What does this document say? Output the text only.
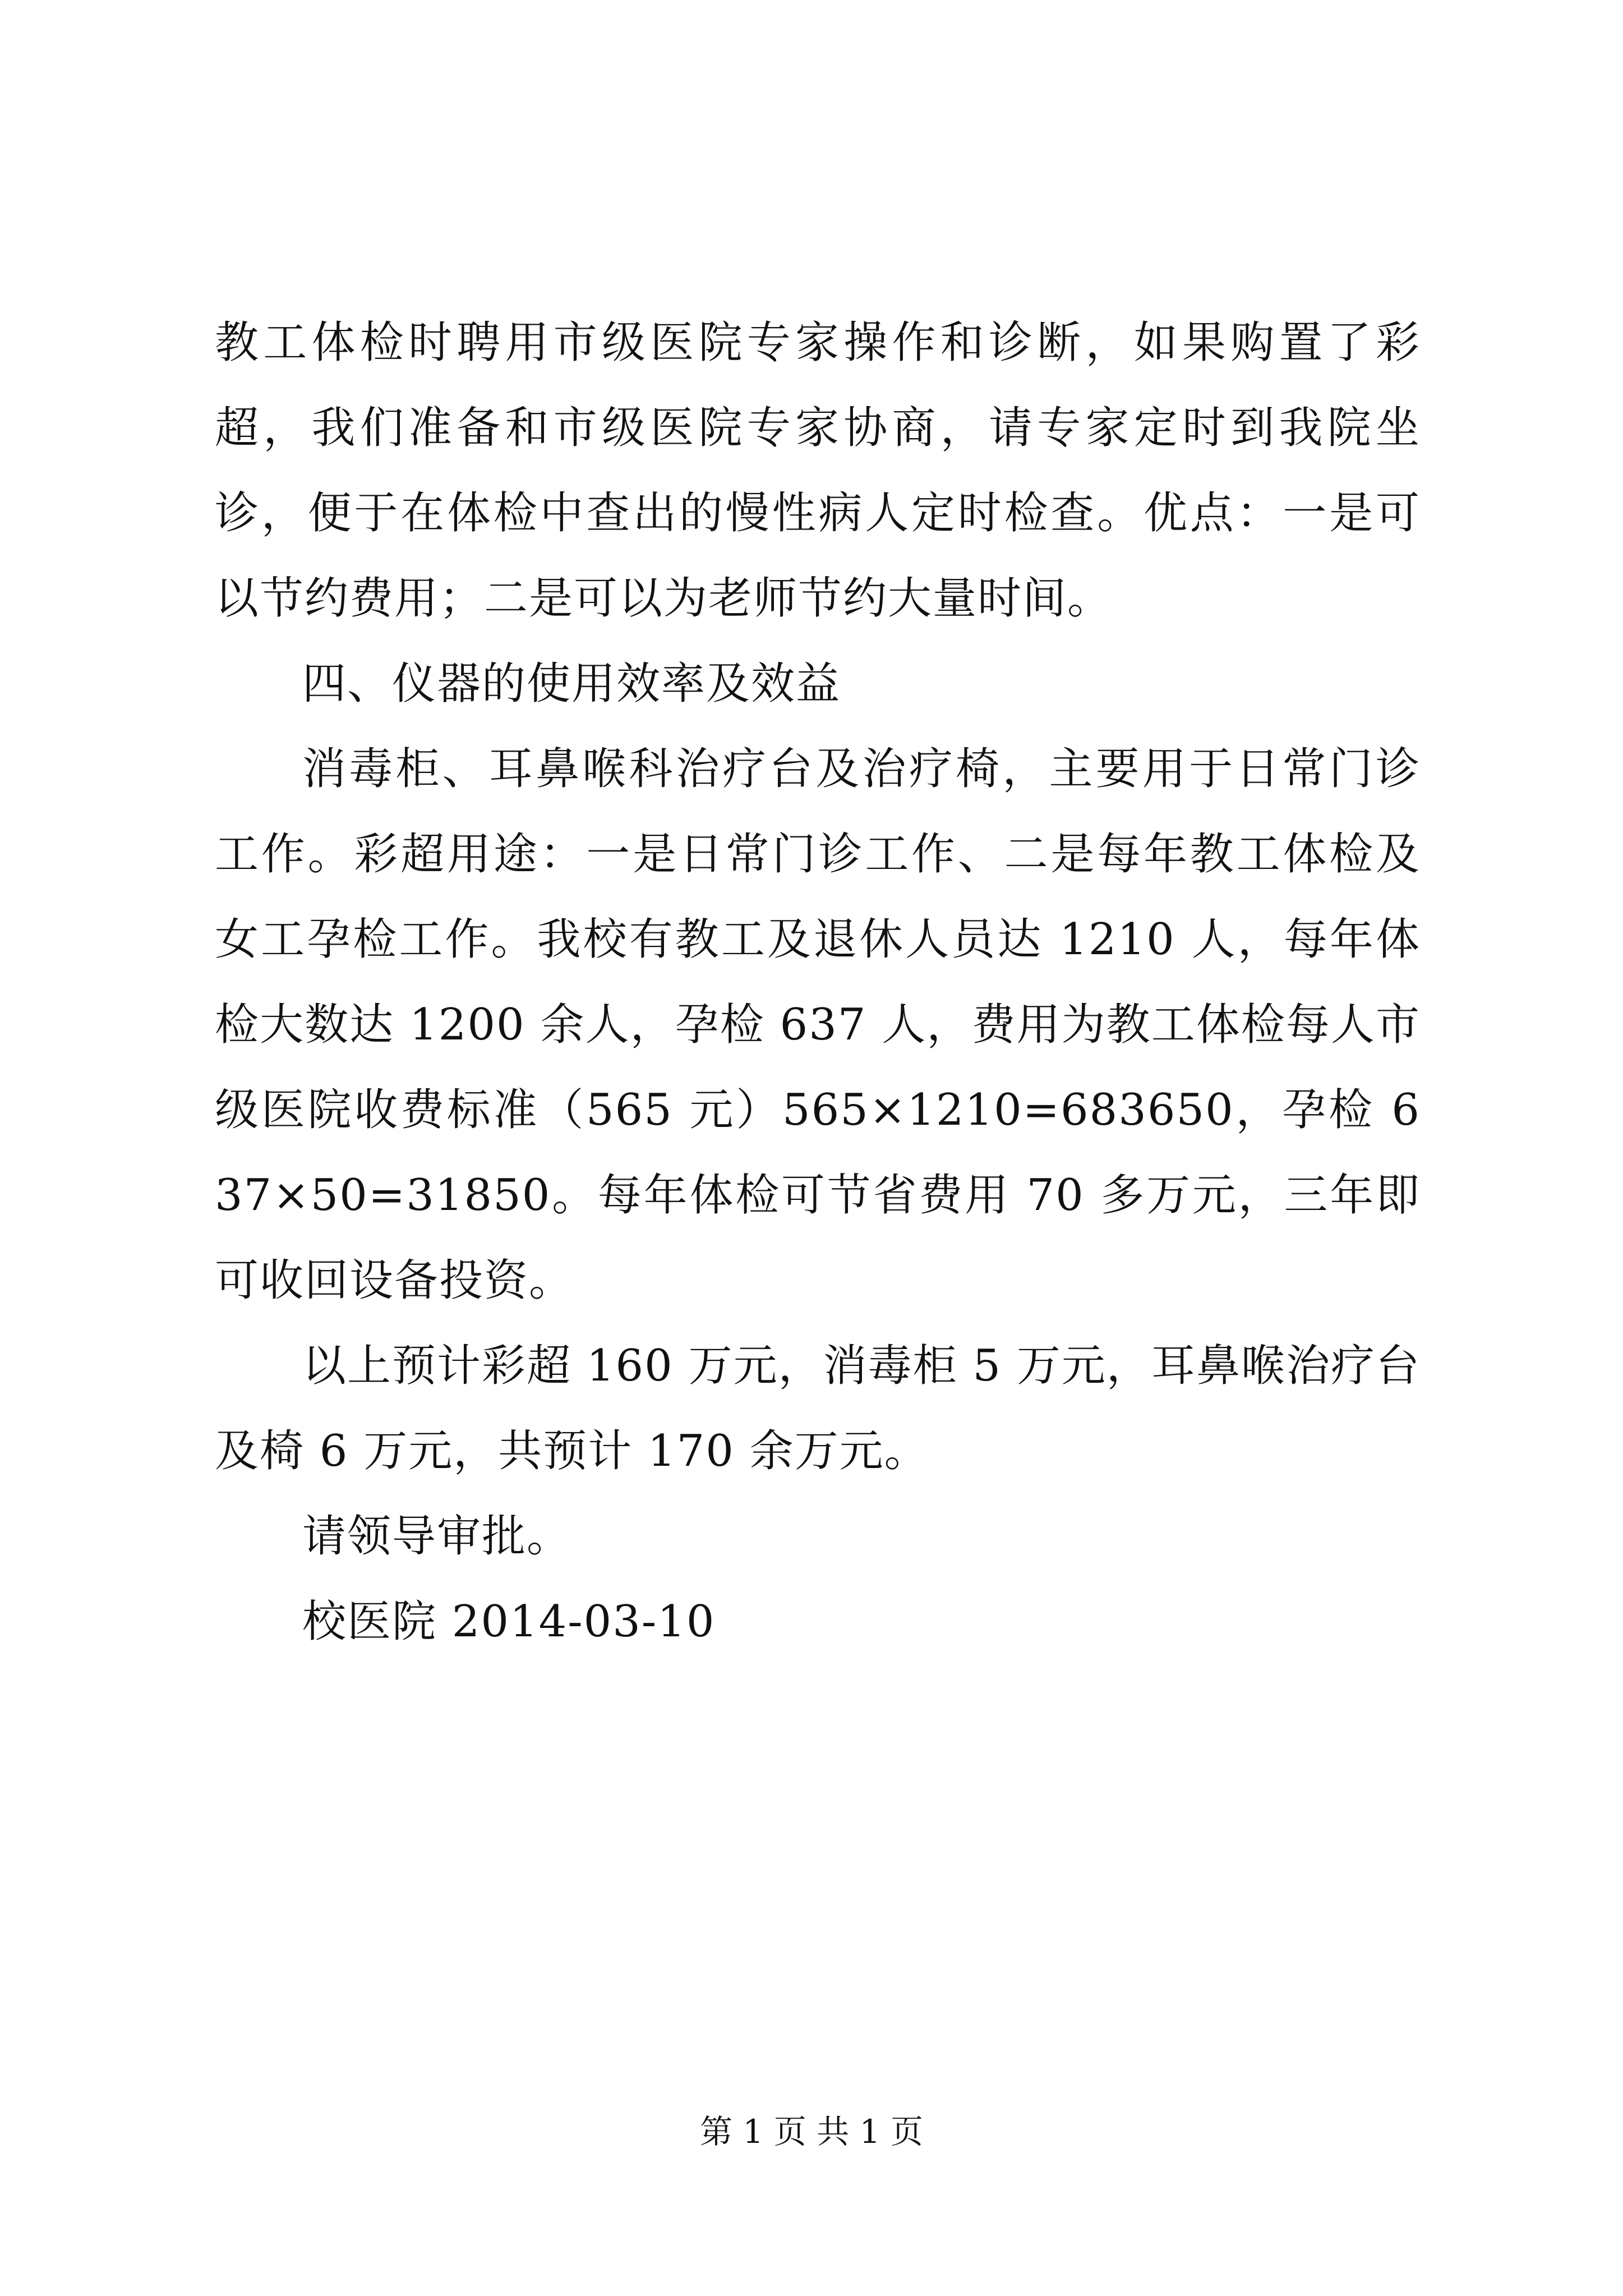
教工体检时聘用市级医院专家操作和诊断，如果购置了彩超，我们准备和市级医院专家协商，请专家定时到我院坐诊，便于在体检中查出的慢性病人定时检查。优点：一是可以节约费用；二是可以为老师节约大量时间。

四、仪器的使用效率及效益

消毒柜、耳鼻喉科治疗台及治疗椅，主要用于日常门诊工作。彩超用途：一是日常门诊工作、二是每年教工体检及女工孕检工作。我校有教工及退休人员达 1210 人，每年体检大数达 1200 余人，孕检 637 人，费用为教工体检每人市级医院收费标准（565 元）565×1210=683650，孕检 637×50=31850。每年体检可节省费用 70 多万元，三年即可收回设备投资。

以上预计彩超 160 万元，消毒柜 5 万元，耳鼻喉治疗台及椅 6 万元，共预计 170 余万元。

请领导审批。

校医院 2014-03-10

第 1 页 共 1 页
